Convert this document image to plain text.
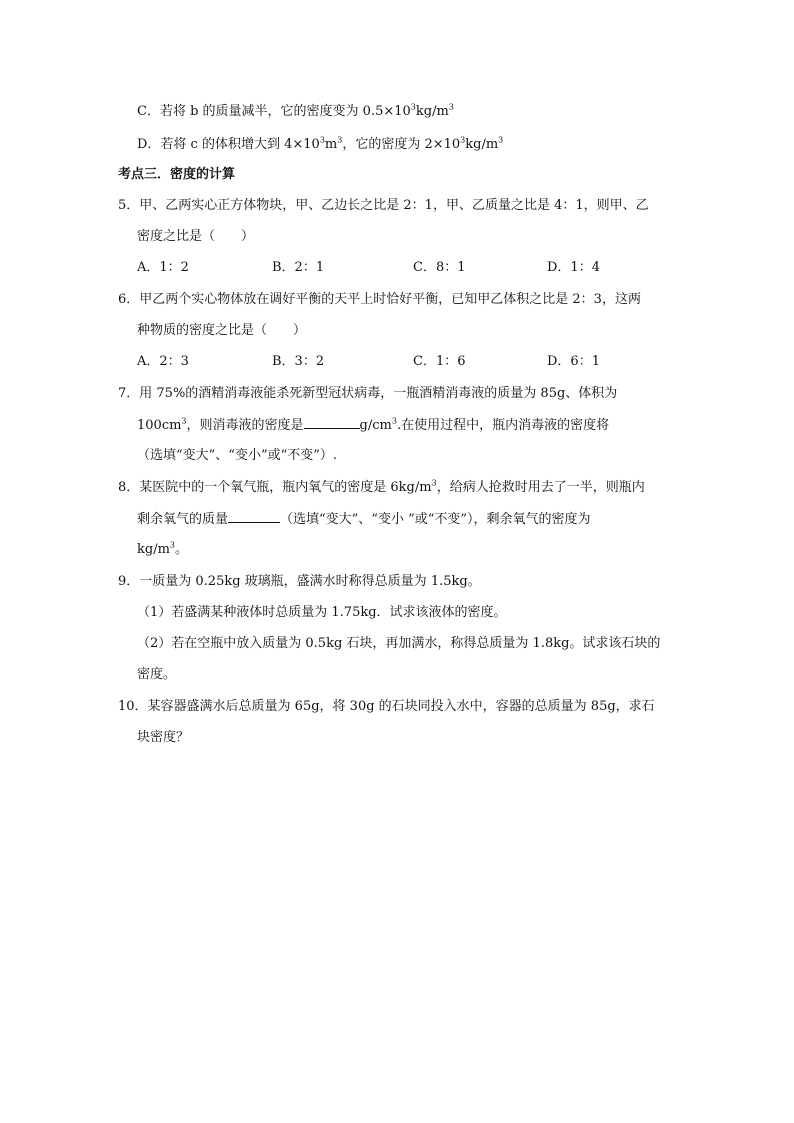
C．若将 b 的质量减半，它的密度变为 $0.5\times 10^3kg/m^3$
D．若将 c 的体积增大到 $4\times 10^3m^3$，它的密度为 $2\times 10^3kg/m^3$
考点三．密度的计算
5．甲、乙两实心正方体物块，甲、乙边长之比是 2：1，甲、乙质量之比是 4：1，则甲、乙
密度之比是（　　）
A．1：2	B．2：1	C．8：1	D．1：4
6．甲乙两个实心物体放在调好平衡的天平上时恰好平衡，已知甲乙体积之比是 2：3，这两
种物质的密度之比是（　　）
A．2：3	B．3：2	C．1：6	D．6：1
7．用 75%的酒精消毒液能杀死新型冠状病毒，一瓶酒精消毒液的质量为 85g、体积为
$100cm^3$，则消毒液的密度是	$g/cm^3$.在使用过程中，瓶内消毒液的密度将
（选填“变大”、“变小”或“不变”）.
8．某医院中的一个氧气瓶，瓶内氧气的密度是 $6kg/m^3$，给病人抢救时用去了一半，则瓶内
剩余氧气的质量	（选填“变大”、“变小 ”或“不变”），剩余氧气的密度为
$kg/m^3$。
9．一质量为 0.25kg 玻璃瓶，盛满水时称得总质量为 1.5kg。
（1）若盛满某种液体时总质量为 1.75kg．试求该液体的密度。
（2）若在空瓶中放入质量为 0.5kg 石块，再加满水，称得总质量为 1.8kg。试求该石块的
密度。
10．某容器盛满水后总质量为 65g，将 30g 的石块同投入水中，容器的总质量为 85g，求石
块密度？
